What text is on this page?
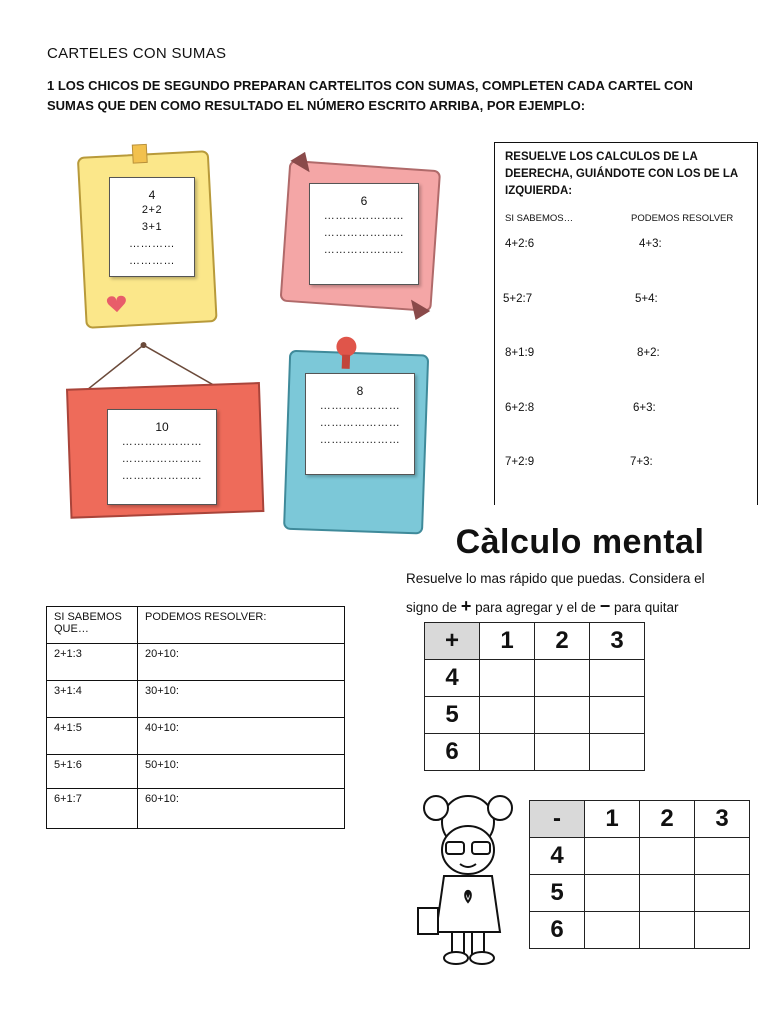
CARTELES CON SUMAS
1 LOS CHICOS DE SEGUNDO PREPARAN CARTELITOS CON SUMAS, COMPLETEN CADA CARTEL CON SUMAS QUE DEN COMO RESULTADO EL NÚMERO ESCRITO ARRIBA, POR EJEMPLO:
4
2+2
3+1
…………
…………
6
…………………
…………………
…………………
10
…………………
…………………
…………………
8
…………………
…………………
…………………
RESUELVE LOS CALCULOS DE LA DEERECHA, GUIÁNDOTE CON LOS DE LA IZQUIERDA:
SI SABEMOS…	PODEMOS RESOLVER
4+2:6	4+3:
5+2:7	5+4:
8+1:9	8+2:
6+2:8	6+3:
7+2:9	7+3:
SI SABEMOS QUE…	PODEMOS RESOLVER:
2+1:3	20+10:
3+1:4	30+10:
4+1:5	40+10:
5+1:6	50+10:
6+1:7	60+10:
Càlculo mental
Resuelve lo mas rápido que puedas. Considera el
signo de + para agregar y el de − para quitar
+	1	2	3
4			
5			
6			
-	1	2	3
4			
5			
6			
